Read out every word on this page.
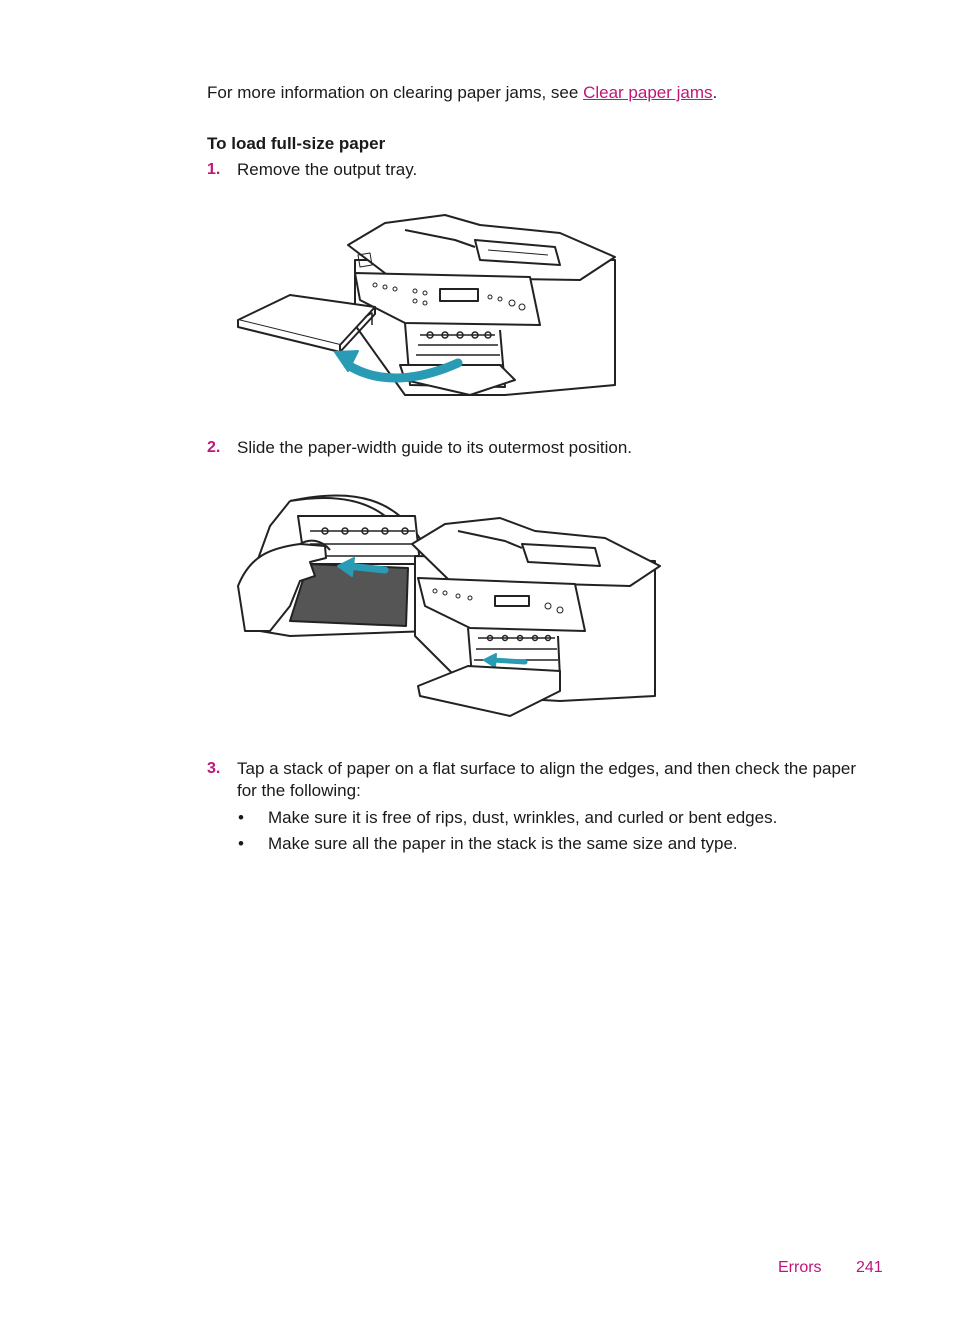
For more information on clearing paper jams, see Clear paper jams.
To load full-size paper
1. Remove the output tray.
2. Slide the paper-width guide to its outermost position.
3. Tap a stack of paper on a flat surface to align the edges, and then check the paper
for the following:
• Make sure it is free of rips, dust, wrinkles, and curled or bent edges.
• Make sure all the paper in the stack is the same size and type.
Errors 241
